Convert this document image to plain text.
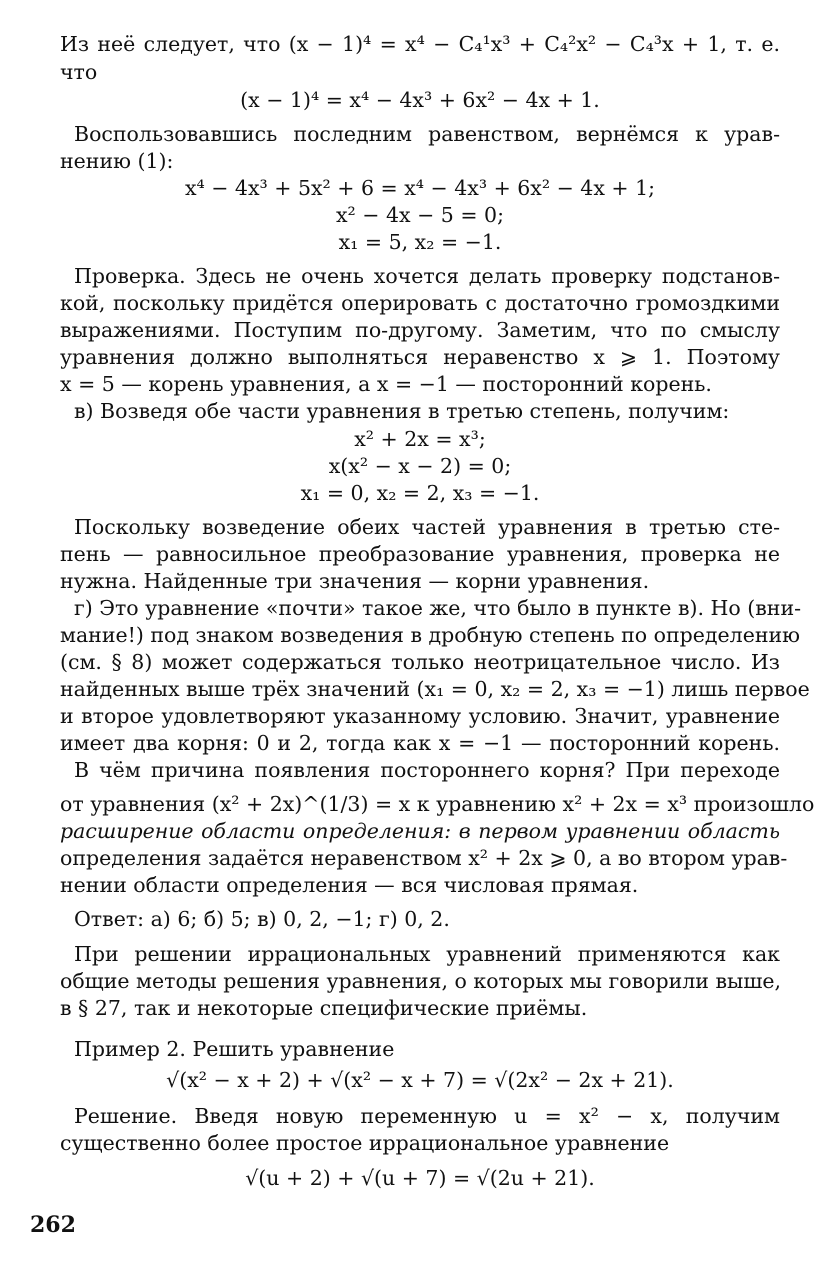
Из неё следует, что (x − 1)⁴ = x⁴ − C₄¹x³ + C₄²x² − C₄³x + 1, т. е.
что
(x − 1)⁴ = x⁴ − 4x³ + 6x² − 4x + 1.
Воспользовавшись последним равенством, вернёмся к урав-
нению (1):
x⁴ − 4x³ + 5x² + 6 = x⁴ − 4x³ + 6x² − 4x + 1;
x² − 4x − 5 = 0;
x₁ = 5, x₂ = −1.
Проверка. Здесь не очень хочется делать проверку подстанов-
кой, поскольку придётся оперировать с достаточно громоздкими
выражениями. Поступим по-другому. Заметим, что по смыслу
уравнения должно выполняться неравенство x ⩾ 1. Поэтому
x = 5 — корень уравнения, а x = −1 — посторонний корень.
в) Возведя обе части уравнения в третью степень, получим:
x² + 2x = x³;
x(x² − x − 2) = 0;
x₁ = 0, x₂ = 2, x₃ = −1.
Поскольку возведение обеих частей уравнения в третью сте-
пень — равносильное преобразование уравнения, проверка не
нужна. Найденные три значения — корни уравнения.
г) Это уравнение «почти» такое же, что было в пункте в). Но (вни-
мание!) под знаком возведения в дробную степень по определению
(см. § 8) может содержаться только неотрицательное число. Из
найденных выше трёх значений (x₁ = 0, x₂ = 2, x₃ = −1) лишь первое
и второе удовлетворяют указанному условию. Значит, уравнение
имеет два корня: 0 и 2, тогда как x = −1 — посторонний корень.
В чём причина появления постороннего корня? При переходе
от уравнения (x² + 2x)^(1/3) = x к уравнению x² + 2x = x³ произошло
расширение области определения: в первом уравнении область
определения задаётся неравенством x² + 2x ⩾ 0, а во втором урав-
нении области определения — вся числовая прямая.
Ответ: а) 6; б) 5; в) 0, 2, −1; г) 0, 2.
При решении иррациональных уравнений применяются как
общие методы решения уравнения, о которых мы говорили выше,
в § 27, так и некоторые специфические приёмы.
Пример 2. Решить уравнение
√(x² − x + 2) + √(x² − x + 7) = √(2x² − 2x + 21).
Решение. Введя новую переменную u = x² − x, получим
существенно более простое иррациональное уравнение
√(u + 2) + √(u + 7) = √(2u + 21).
262
